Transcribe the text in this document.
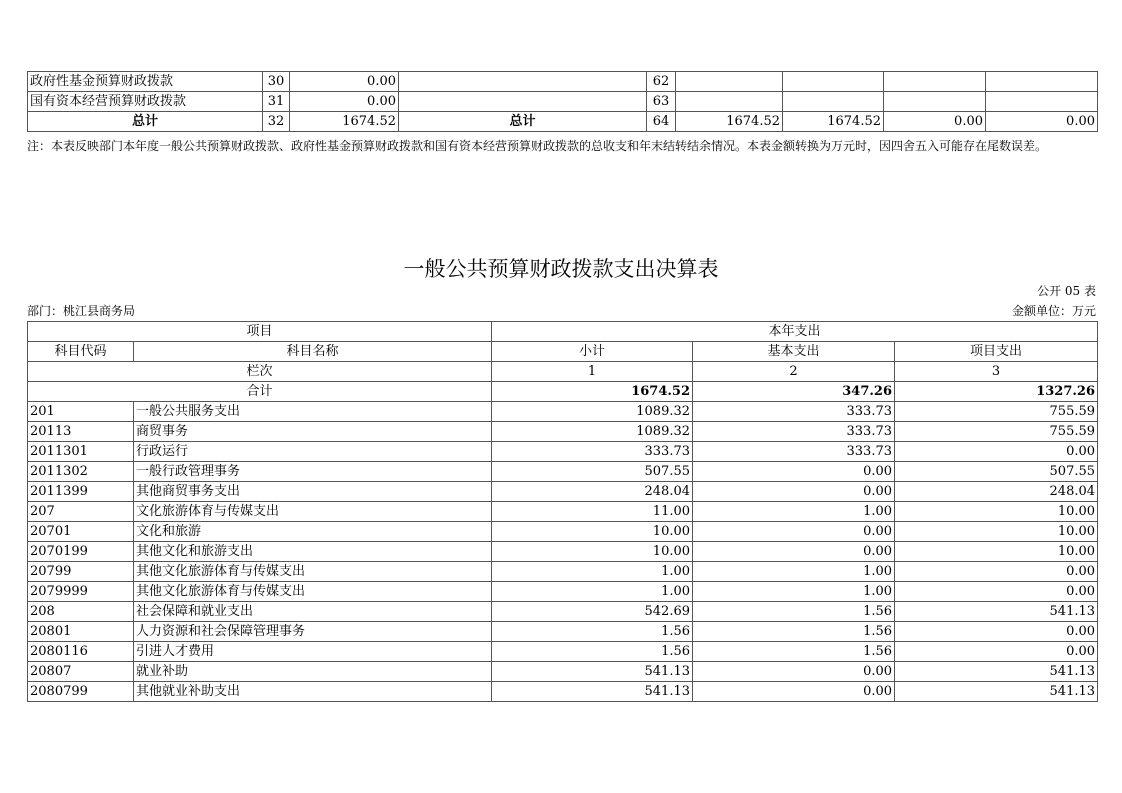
政府性基金预算财政拨款	30	0.00		62				
国有资本经营预算财政拨款	31	0.00		63				
总计	32	1674.52	总计	64	1674.52	1674.52	0.00	0.00
注：本表反映部门本年度一般公共预算财政拨款、政府性基金预算财政拨款和国有资本经营预算财政拨款的总收支和年末结转结余情况。本表金额转换为万元时，因四舍五入可能存在尾数误差。
一般公共预算财政拨款支出决算表
公开 05 表
部门：桃江县商务局	金额单位：万元
项目		本年支出		
科目代码	科目名称	小计	基本支出	项目支出
栏次		1	2	3
合计		1674.52	347.26	1327.26
201	一般公共服务支出	1089.32	333.73	755.59
20113	商贸事务	1089.32	333.73	755.59
2011301	行政运行	333.73	333.73	0.00
2011302	一般行政管理事务	507.55	0.00	507.55
2011399	其他商贸事务支出	248.04	0.00	248.04
207	文化旅游体育与传媒支出	11.00	1.00	10.00
20701	文化和旅游	10.00	0.00	10.00
2070199	其他文化和旅游支出	10.00	0.00	10.00
20799	其他文化旅游体育与传媒支出	1.00	1.00	0.00
2079999	其他文化旅游体育与传媒支出	1.00	1.00	0.00
208	社会保障和就业支出	542.69	1.56	541.13
20801	人力资源和社会保障管理事务	1.56	1.56	0.00
2080116	引进人才费用	1.56	1.56	0.00
20807	就业补助	541.13	0.00	541.13
2080799	其他就业补助支出	541.13	0.00	541.13
